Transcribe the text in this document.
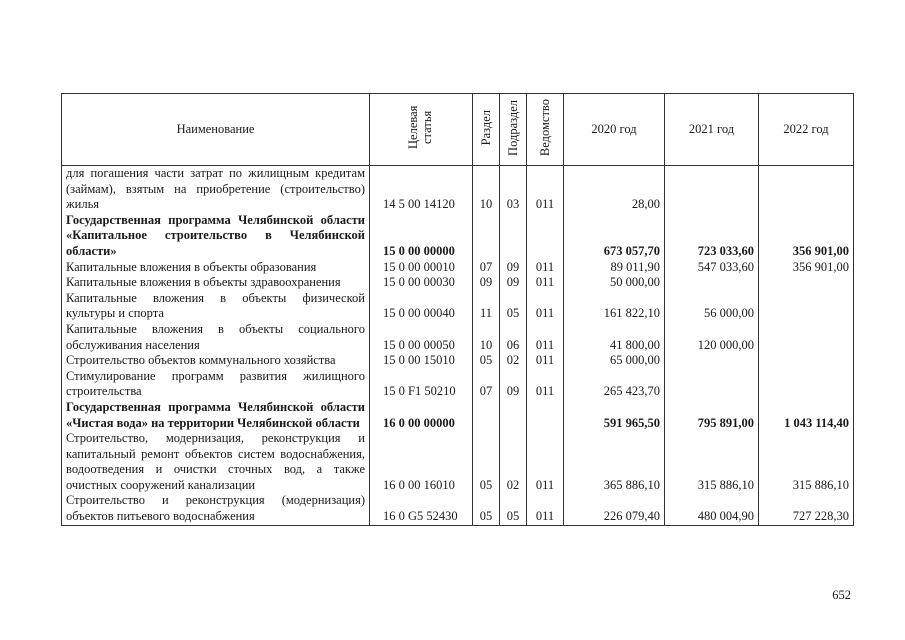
Наименование	Целевая статья	Раздел	Подраздел	Ведомство	2020 год	2021 год	2022 год
для погашения части затрат по жилищным кредитам (займам), взятым на приобретение (строительство) жилья	14 5 00 14120	10	03	011	28,00		
Государственная программа Челябинской области «Капитальное строительство в Челябинской области»	15 0 00 00000				673 057,70	723 033,60	356 901,00
Капитальные вложения в объекты образования	15 0 00 00010	07	09	011	89 011,90	547 033,60	356 901,00
Капитальные вложения в объекты здравоохранения	15 0 00 00030	09	09	011	50 000,00		
Капитальные вложения в объекты физической культуры и спорта	15 0 00 00040	11	05	011	161 822,10	56 000,00	
Капитальные вложения в объекты социального обслуживания населения	15 0 00 00050	10	06	011	41 800,00	120 000,00	
Строительство объектов коммунального хозяйства	15 0 00 15010	05	02	011	65 000,00		
Стимулирование программ развития жилищного строительства	15 0 F1 50210	07	09	011	265 423,70		
Государственная программа Челябинской области «Чистая вода» на территории Челябинской области	16 0 00 00000				591 965,50	795 891,00	1 043 114,40
Строительство, модернизация, реконструкция и капитальный ремонт объектов систем водоснабжения, водоотведения и очистки сточных вод, а также очистных сооружений канализации	16 0 00 16010	05	02	011	365 886,10	315 886,10	315 886,10
Строительство и реконструкция (модернизация) объектов питьевого водоснабжения	16 0 G5 52430	05	05	011	226 079,40	480 004,90	727 228,30
652
